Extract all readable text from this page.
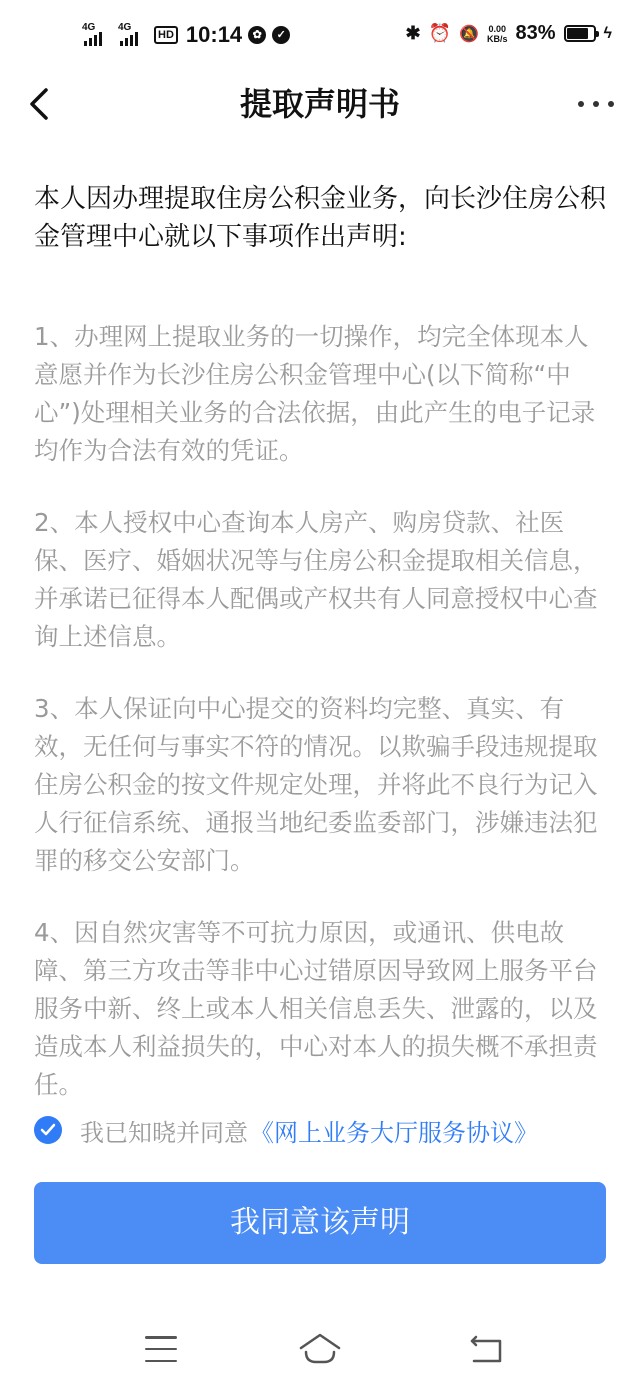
4G 4G
HD 10:14 ✿	✓	✱ ⏰ 🔕 0.00
KB/s 83%	ϟ
提取声明书

本人因办理提取住房公积金业务，向长沙住房公积金管理中心就以下事项作出声明:

1、办理网上提取业务的一切操作，均完全体现本人意愿并作为长沙住房公积金管理中心(以下简称“中心”)处理相关业务的合法依据，由此产生的电子记录均作为合法有效的凭证。

2、本人授权中心查询本人房产、购房贷款、社医保、医疗、婚姻状况等与住房公积金提取相关信息，并承诺已征得本人配偶或产权共有人同意授权中心查询上述信息。

3、本人保证向中心提交的资料均完整、真实、有效，无任何与事实不符的情况。以欺骗手段违规提取住房公积金的按文件规定处理，并将此不良行为记入人行征信系统、通报当地纪委监委部门，涉嫌违法犯罪的移交公安部门。

4、因自然灾害等不可抗力原因，或通讯、供电故障、第三方攻击等非中心过错原因导致网上服务平台服务中新、终上或本人相关信息丢失、泄露的，以及造成本人利益损失的，中心对本人的损失概不承担责任。

我已知晓并同意 《网上业务大厅服务协议》
我同意该声明
